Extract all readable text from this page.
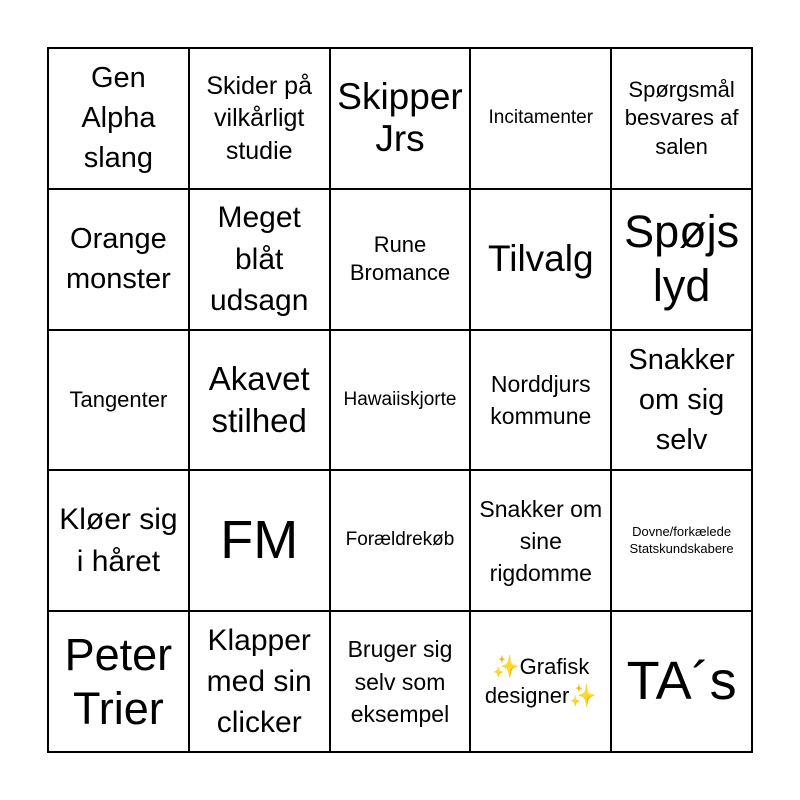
Gen Alpha slang
Skider på vilkårligt studie
Skipper Jrs
Incitamenter
Spørgsmål besvares af salen
Orange monster
Meget blåt udsagn
Rune Bromance	Tilvalg
Spøjs lyd
Tangenter
Akavet stilhed
Hawaiiskjorte
Norddjurs kommune
Snakker om sig selv
Kløer sig i håret	FM	Forældrekøb
Snakker om sine rigdomme
Dovne/forkælede Statskundskabere
Peter Trier
Klapper med sin clicker
Bruger sig selv som eksempel
✨Grafisk designer✨ TA´s
